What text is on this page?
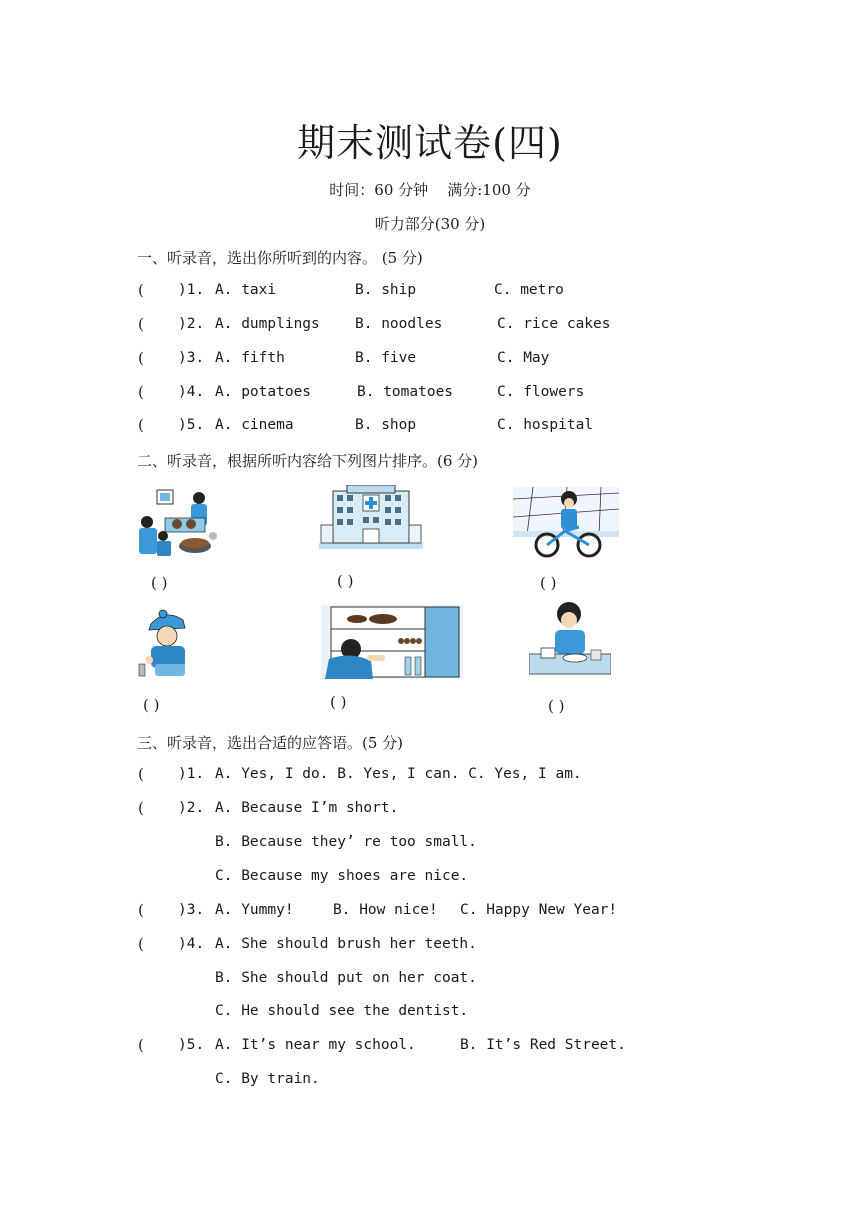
期末测试卷(四)
时间：60 分钟 满分:100 分
听力部分(30 分)
一、听录音，选出你所听到的内容。 (5 分)
( )1. A. taxi	B. ship	C. metro
( )2. A. dumplings B. noodles	C. rice cakes
( )3. A. fifth	B. five	C. May
( )4. A. potatoes	B. tomatoes	C. flowers
( )5. A. cinema	B. shop	C. hospital
二、听录音，根据所听内容给下列图片排序。(6 分)
( )	( )	( )
( )	( )	( )
三、听录音，选出合适的应答语。(5 分)
( )1. A. Yes, I do. B. Yes, I can. C. Yes, I am.
( )2. A. Because I’m short.
B. Because they’ re too small.
C. Because my shoes are nice.
( )3. A. Yummy!	B. How nice! C. Happy New Year!
( )4. A. She should brush her teeth.
B. She should put on her coat.
C. He should see the dentist.
( )5. A. It’s near my school.	B. It’s Red Street.
C. By train.
